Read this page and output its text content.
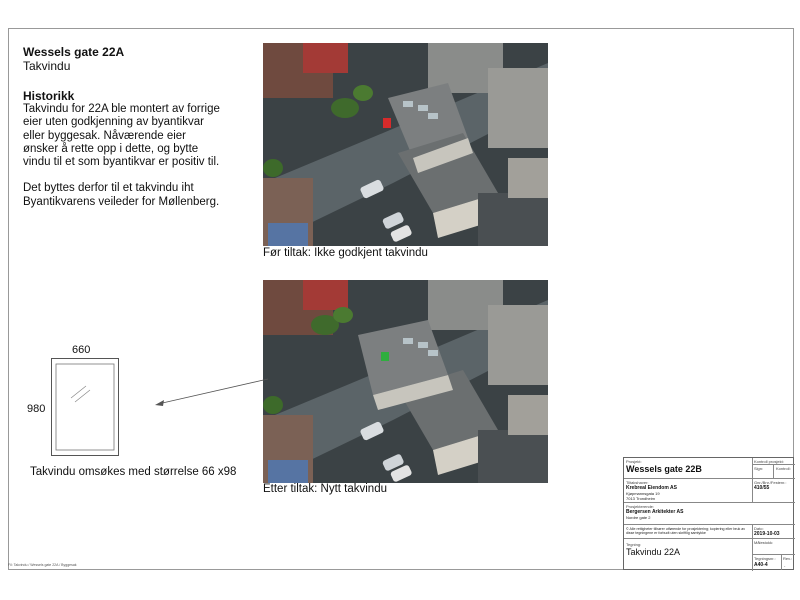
Wessels gate 22A
Takvindu
Historikk

Takvindu for 22A ble montert av forrige eier uten godkjenning av byantikvar eller byggesak. Nåværende eier ønsker å rette opp i dette, og bytte vindu til et som byantikvar er positiv til.

Det byttes derfor til et takvindu iht Byantikvarens veileder for Møllenberg.

Før tiltak: Ikke godkjent takvindu
Etter tiltak: Nytt takvindu
660
980
Takvindu omsøkes med størrelse 66 x98
Fil: Takvindu / Wessels gate 22A / Byggesak
Prosjekt:
Wessels gate 22B
Kontroll prosjekt:
Sign:	Kontroll:
Tiltakshaver:
Krebreal Eiendom AS
Kjøpmannsgata 19
7013 Trondheim
Gnr./Bnr./Festenr.:
410/55
Prosjekterende:
Bergersen Arkitekter AS
Nordre gate 2
© Alle rettigheter tilhører utførende for prosjektering; kopiering eller bruk av disse tegningene er forbudt uten skriftlig samtykke
Dato:
2019-10-03
Tegning:
Takvindu 22A
Målestokk:
Tegningsnr.:
A40-4
Rev.:
-
